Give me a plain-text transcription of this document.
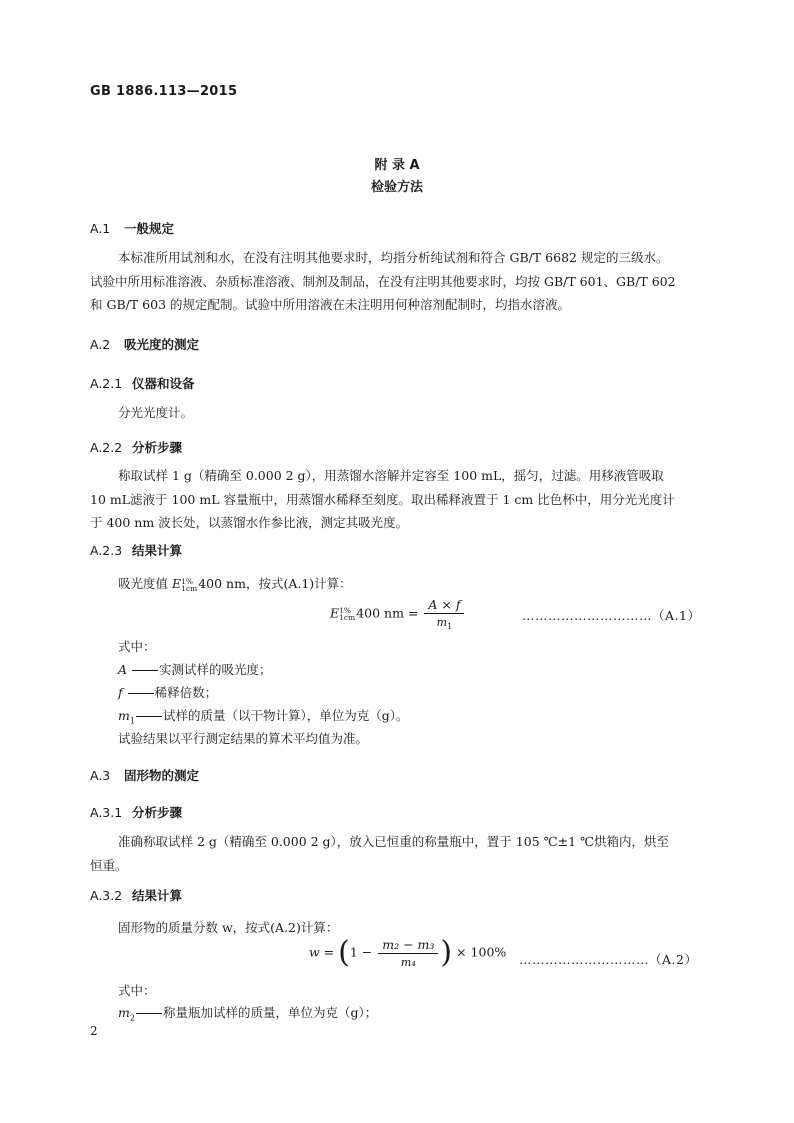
GB 1886.113—2015
附 录 A
检验方法
A.1 一般规定
本标准所用试剂和水，在没有注明其他要求时，均指分析纯试剂和符合 GB/T 6682 规定的三级水。
试验中所用标准溶液、杂质标准溶液、制剂及制品，在没有注明其他要求时，均按 GB/T 601、GB/T 602
和 GB/T 603 的规定配制。试验中所用溶液在未注明用何种溶剂配制时，均指水溶液。
A.2 吸光度的测定
A.2.1 仪器和设备
分光光度计。
A.2.2 分析步骤
称取试样 1 g（精确至 0.000 2 g），用蒸馏水溶解并定容至 100 mL，摇匀，过滤。用移液管吸取
10 mL滤液于 100 mL 容量瓶中，用蒸馏水稀释至刻度。取出稀释液置于 1 cm 比色杯中，用分光光度计
于 400 nm 波长处，以蒸馏水作参比液，测定其吸光度。
A.2.3 结果计算
吸光度值 E 1%
1cm 400 nm，按式(A.1)计算：
E 1%
1cm 400 nm = $\frac{A \times f}{m_1}$	…………………………（A.1）
式中：
A	实测试样的吸光度；
f	稀释倍数；
$m_1$ 试样的质量（以干物计算），单位为克（g）。
试验结果以平行测定结果的算术平均值为准。
A.3 固形物的测定
A.3.1 分析步骤
准确称取试样 2 g（精确至 0.000 2 g），放入已恒重的称量瓶中，置于 105 ℃±1 ℃烘箱内，烘至
恒重。
A.3.2 结果计算
固形物的质量分数 w，按式(A.2)计算：
$w = (1 - \frac{\text{m₂ − m₃}}{\text{m₄}}$ ) × 100% …………………………（A.2）
式中：
$m_2$ 称量瓶加试样的质量，单位为克（g）；
2
